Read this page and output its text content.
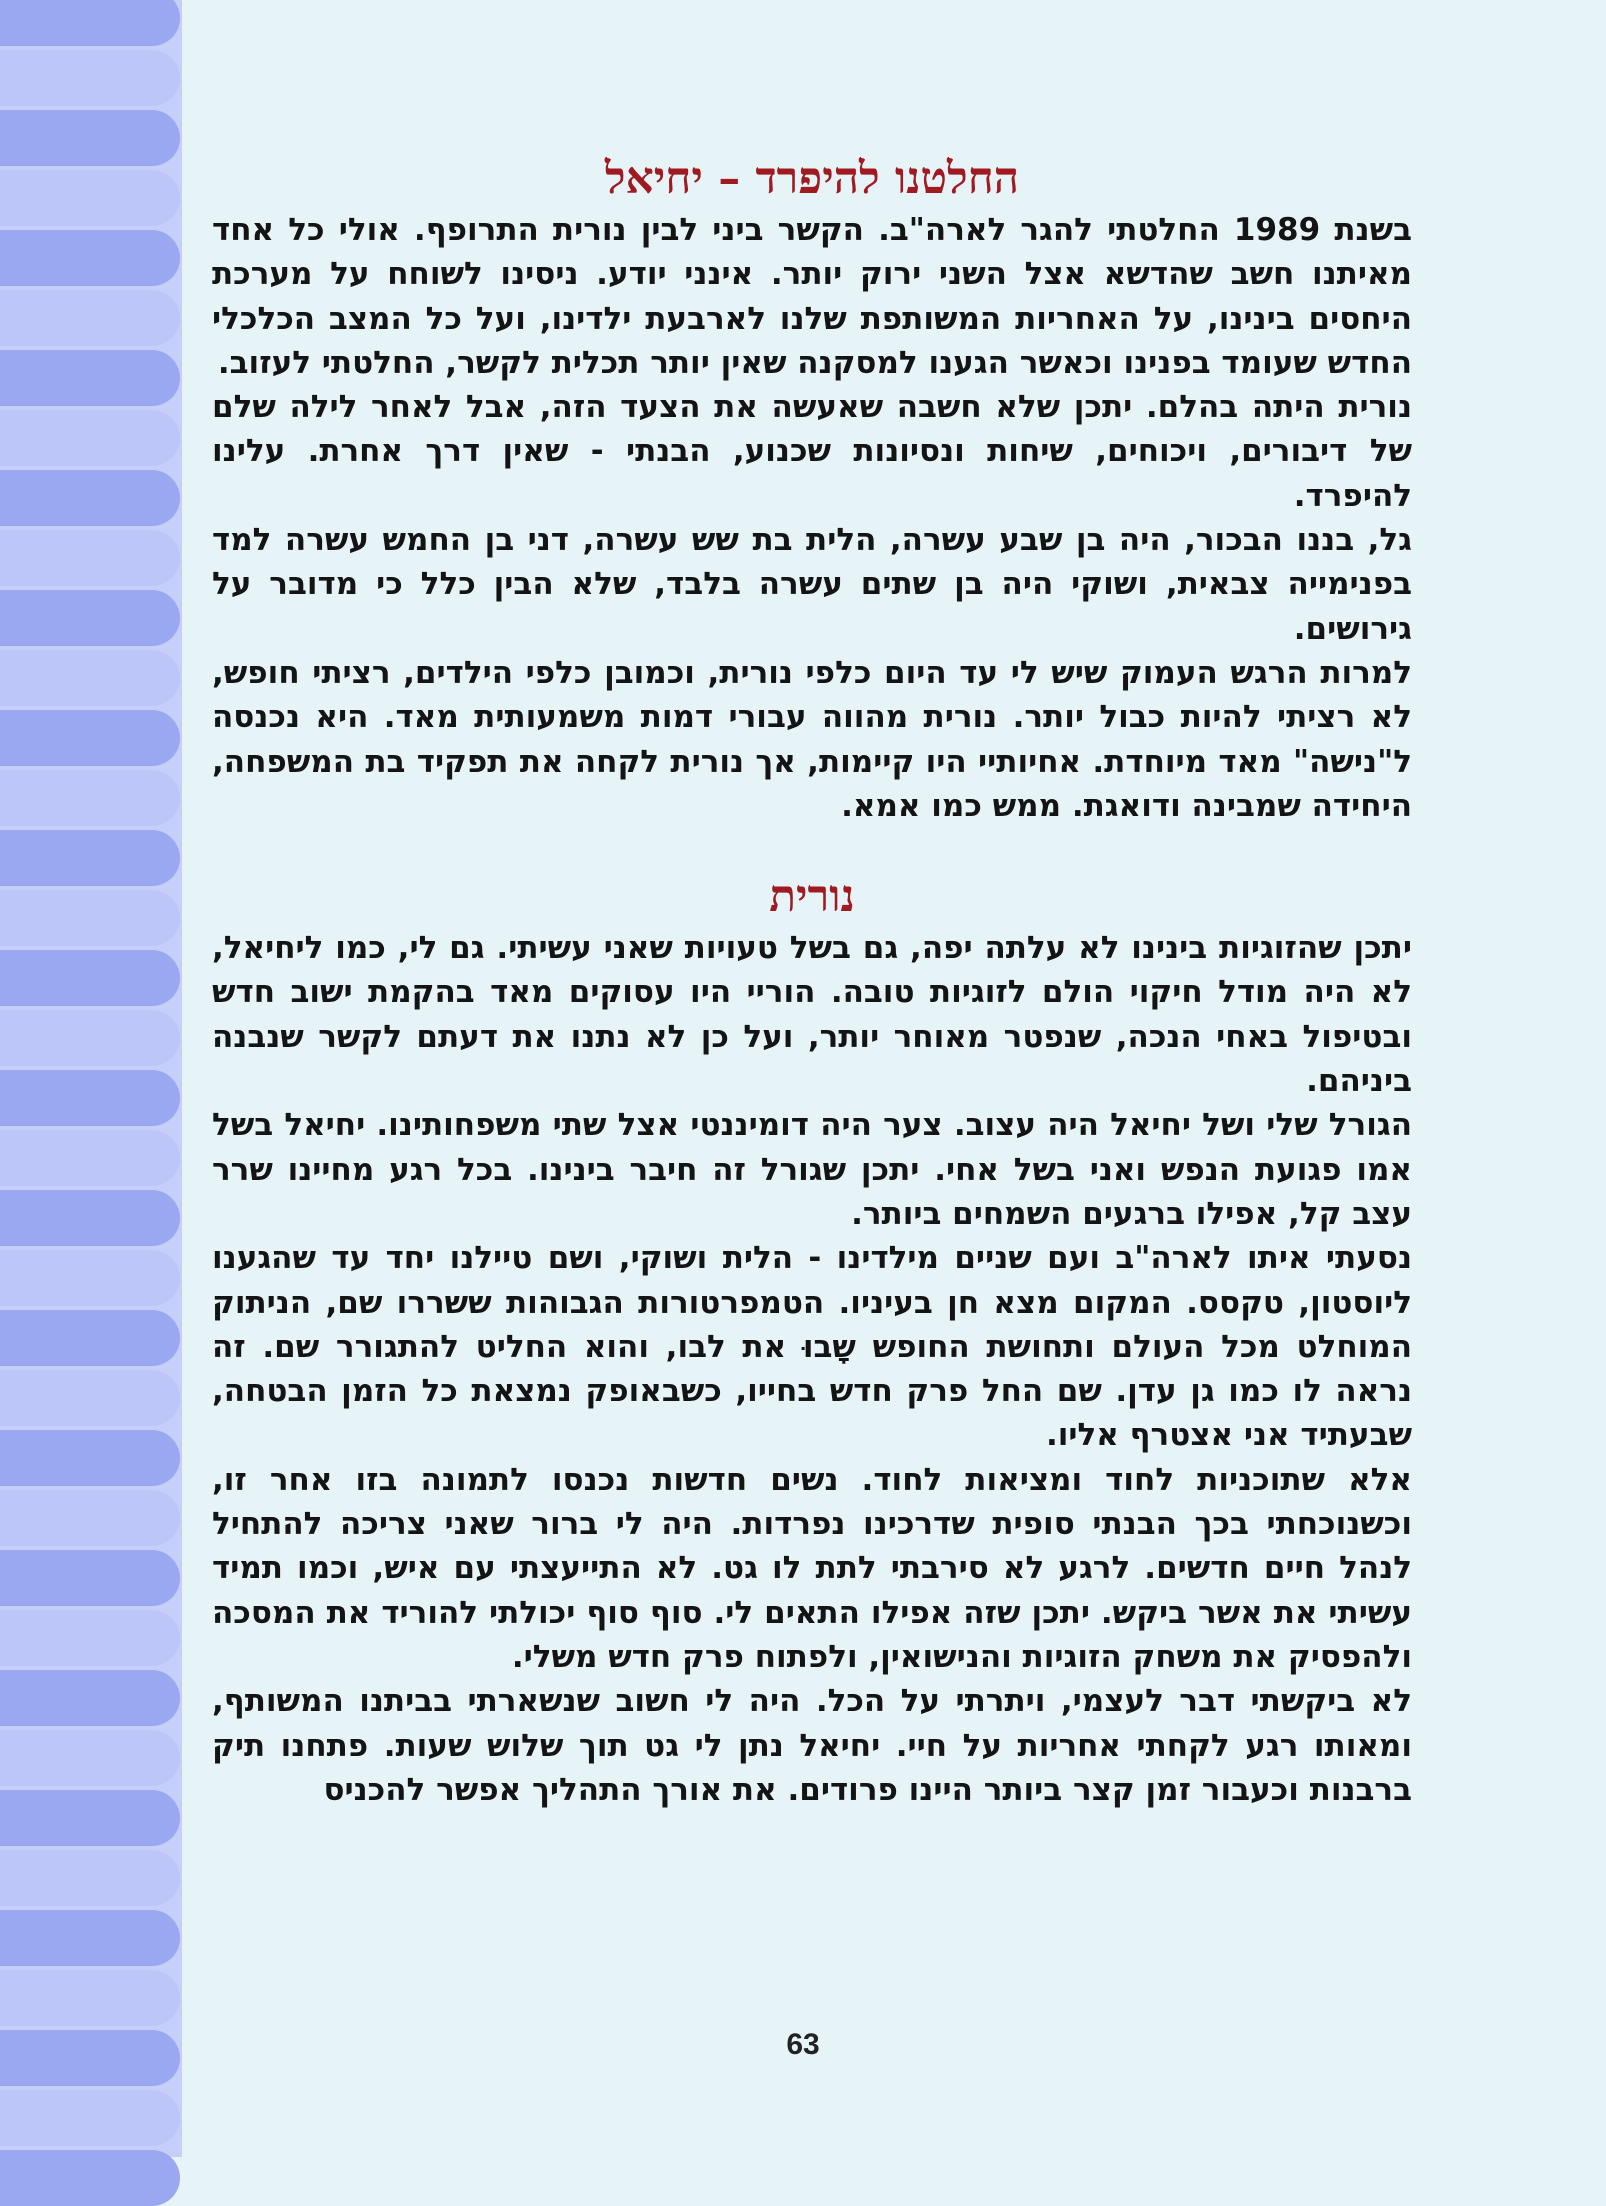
החלטנו להיפרד – יחיאל

בשנת 1989 החלטתי להגר לארה"ב. הקשר ביני לבין נורית התרופף. אולי כל אחד מאיתנו חשב שהדשא אצל השני ירוק יותר. אינני יודע. ניסינו לשוחח על מערכת היחסים בינינו, על האחריות המשותפת שלנו לארבעת ילדינו, ועל כל המצב הכלכלי החדש שעומד בפנינו וכאשר הגענו למסקנה שאין יותר תכלית לקשר, החלטתי לעזוב.

נורית היתה בהלם. יתכן שלא חשבה שאעשה את הצעד הזה, אבל לאחר לילה שלם של דיבורים, ויכוחים, שיחות ונסיונות שכנוע, הבנתי - שאין דרך אחרת. עלינו להיפרד.

גל, בננו הבכור, היה בן שבע עשרה, הלית בת שש עשרה, דני בן החמש עשרה למד בפנימייה צבאית, ושוקי היה בן שתים עשרה בלבד, שלא הבין כלל כי מדובר על גירושים.

למרות הרגש העמוק שיש לי עד היום כלפי נורית, וכמובן כלפי הילדים, רציתי חופש, לא רציתי להיות כבול יותר. נורית מהווה עבורי דמות משמעותית מאד. היא נכנסה ל"נישה" מאד מיוחדת. אחיותיי היו קיימות, אך נורית לקחה את תפקיד בת המשפחה, היחידה שמבינה ודואגת. ממש כמו אמא.

נורית

יתכן שהזוגיות בינינו לא עלתה יפה, גם בשל טעויות שאני עשיתי. גם לי, כמו ליחיאל, לא היה מודל חיקוי הולם לזוגיות טובה. הוריי היו עסוקים מאד בהקמת ישוב חדש ובטיפול באחי הנכה, שנפטר מאוחר יותר, ועל כן לא נתנו את דעתם לקשר שנבנה ביניהם.

הגורל שלי ושל יחיאל היה עצוב. צער היה דומיננטי אצל שתי משפחותינו. יחיאל בשל אמו פגועת הנפש ואני בשל אחי. יתכן שגורל זה חיבר בינינו. בכל רגע מחיינו שרר עצב קל, אפילו ברגעים השמחים ביותר.

נסעתי איתו לארה"ב ועם שניים מילדינו - הלית ושוקי, ושם טיילנו יחד עד שהגענו ליוסטון, טקסס. המקום מצא חן בעיניו. הטמפרטורות הגבוהות ששררו שם, הניתוק המוחלט מכל העולם ותחושת החופש שָבוּ את לבו, והוא החליט להתגורר שם. זה נראה לו כמו גן עדן. שם החל פרק חדש בחייו, כשבאופק נמצאת כל הזמן הבטחה, שבעתיד אני אצטרף אליו.

אלא שתוכניות לחוד ומציאות לחוד. נשים חדשות נכנסו לתמונה בזו אחר זו, וכשנוכחתי בכך הבנתי סופית שדרכינו נפרדות. היה לי ברור שאני צריכה להתחיל לנהל חיים חדשים. לרגע לא סירבתי לתת לו גט. לא התייעצתי עם איש, וכמו תמיד עשיתי את אשר ביקש. יתכן שזה אפילו התאים לי. סוף סוף יכולתי להוריד את המסכה ולהפסיק את משחק הזוגיות והנישואין, ולפתוח פרק חדש משלי.

לא ביקשתי דבר לעצמי, ויתרתי על הכל. היה לי חשוב שנשארתי בביתנו המשותף, ומאותו רגע לקחתי אחריות על חיי. יחיאל נתן לי גט תוך שלוש שעות. פתחנו תיק ברבנות וכעבור זמן קצר ביותר היינו פרודים. את אורך התהליך אפשר להכניס

63
